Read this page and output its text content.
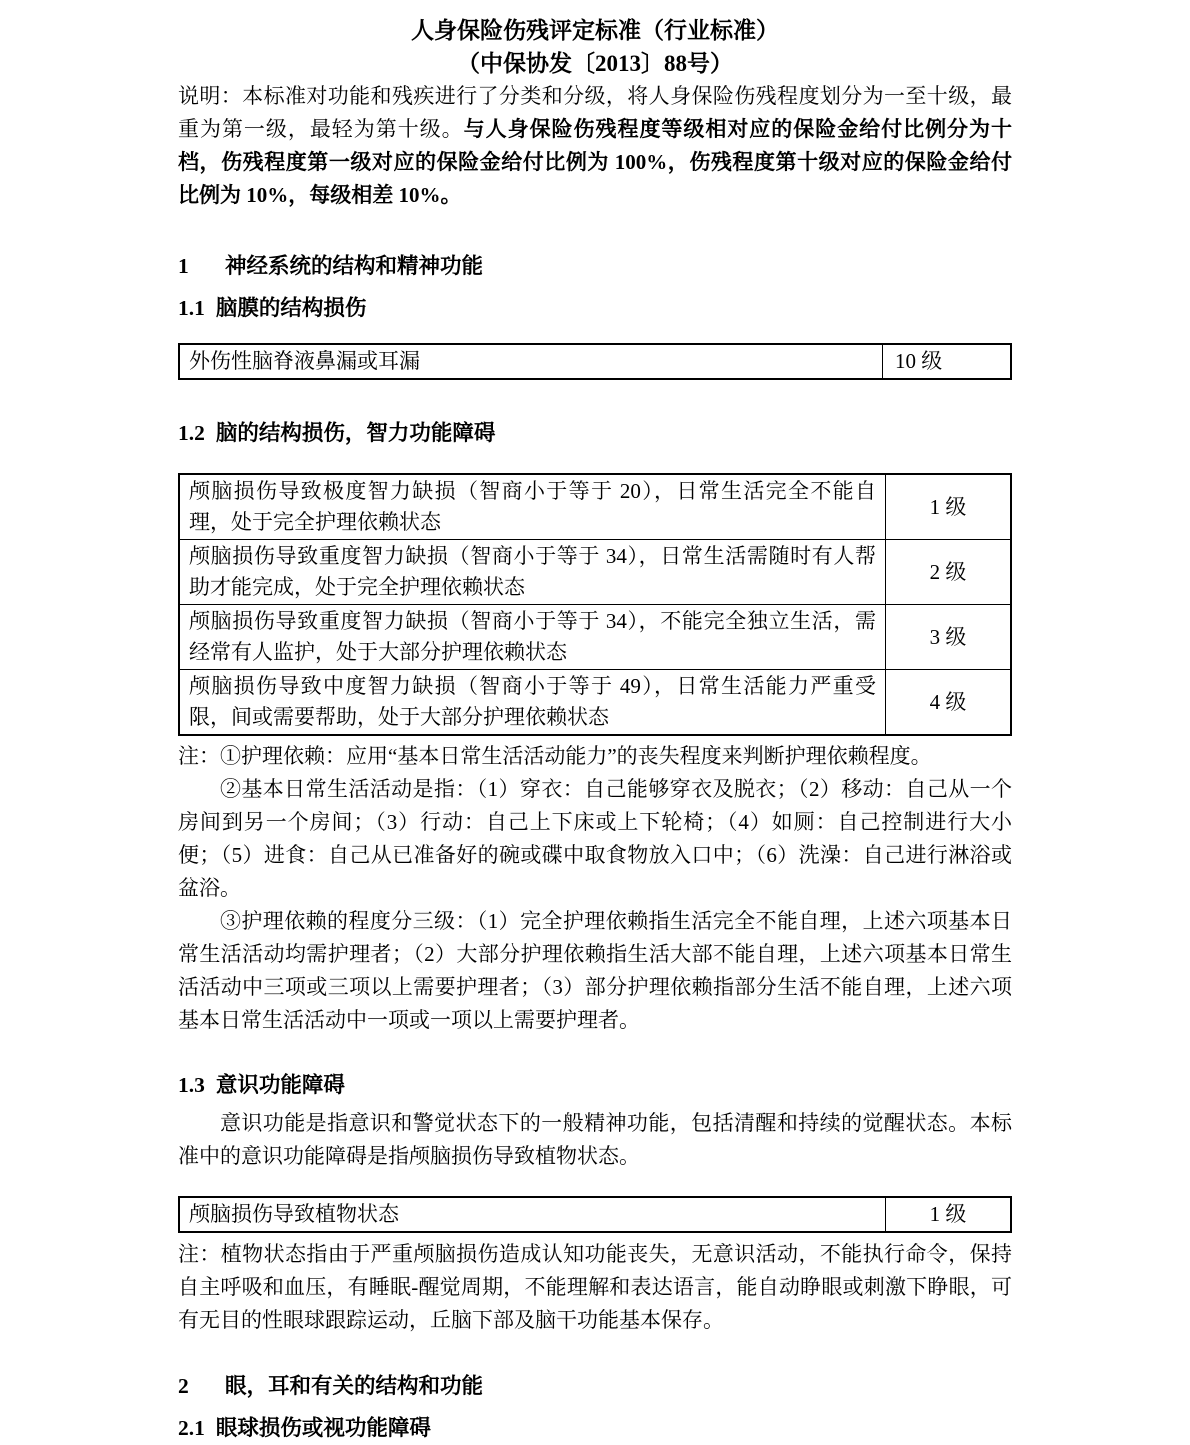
人身保险伤残评定标准（行业标准）
（中保协发〔2013〕88号）

说明：本标准对功能和残疾进行了分类和分级，将人身保险伤残程度划分为一至十级，最重为第一级，最轻为第十级。与人身保险伤残程度等级相对应的保险金给付比例分为十档，伤残程度第一级对应的保险金给付比例为 100%，伤残程度第十级对应的保险金给付比例为 10%，每级相差 10%。

1 神经系统的结构和精神功能
1.1 脑膜的结构损伤
外伤性脑脊液鼻漏或耳漏	10 级
1.2 脑的结构损伤，智力功能障碍
颅脑损伤导致极度智力缺损（智商小于等于 20），日常生活完全不能自理，处于完全护理依赖状态	1 级
颅脑损伤导致重度智力缺损（智商小于等于 34），日常生活需随时有人帮助才能完成，处于完全护理依赖状态	2 级
颅脑损伤导致重度智力缺损（智商小于等于 34），不能完全独立生活，需经常有人监护，处于大部分护理依赖状态	3 级
颅脑损伤导致中度智力缺损（智商小于等于 49），日常生活能力严重受限，间或需要帮助，处于大部分护理依赖状态	4 级

注：①护理依赖：应用“基本日常生活活动能力”的丧失程度来判断护理依赖程度。

②基本日常生活活动是指：（1）穿衣：自己能够穿衣及脱衣；（2）移动：自己从一个房间到另一个房间；（3）行动：自己上下床或上下轮椅；（4）如厕：自己控制进行大小便；（5）进食：自己从已准备好的碗或碟中取食物放入口中；（6）洗澡：自己进行淋浴或盆浴。

③护理依赖的程度分三级：（1）完全护理依赖指生活完全不能自理，上述六项基本日常生活活动均需护理者；（2）大部分护理依赖指生活大部不能自理，上述六项基本日常生活活动中三项或三项以上需要护理者；（3）部分护理依赖指部分生活不能自理，上述六项基本日常生活活动中一项或一项以上需要护理者。

1.3 意识功能障碍

意识功能是指意识和警觉状态下的一般精神功能，包括清醒和持续的觉醒状态。本标准中的意识功能障碍是指颅脑损伤导致植物状态。

颅脑损伤导致植物状态	1 级

注：植物状态指由于严重颅脑损伤造成认知功能丧失，无意识活动，不能执行命令，保持自主呼吸和血压，有睡眠-醒觉周期，不能理解和表达语言，能自动睁眼或刺激下睁眼，可有无目的性眼球跟踪运动，丘脑下部及脑干功能基本保存。

2 眼，耳和有关的结构和功能
2.1 眼球损伤或视功能障碍
